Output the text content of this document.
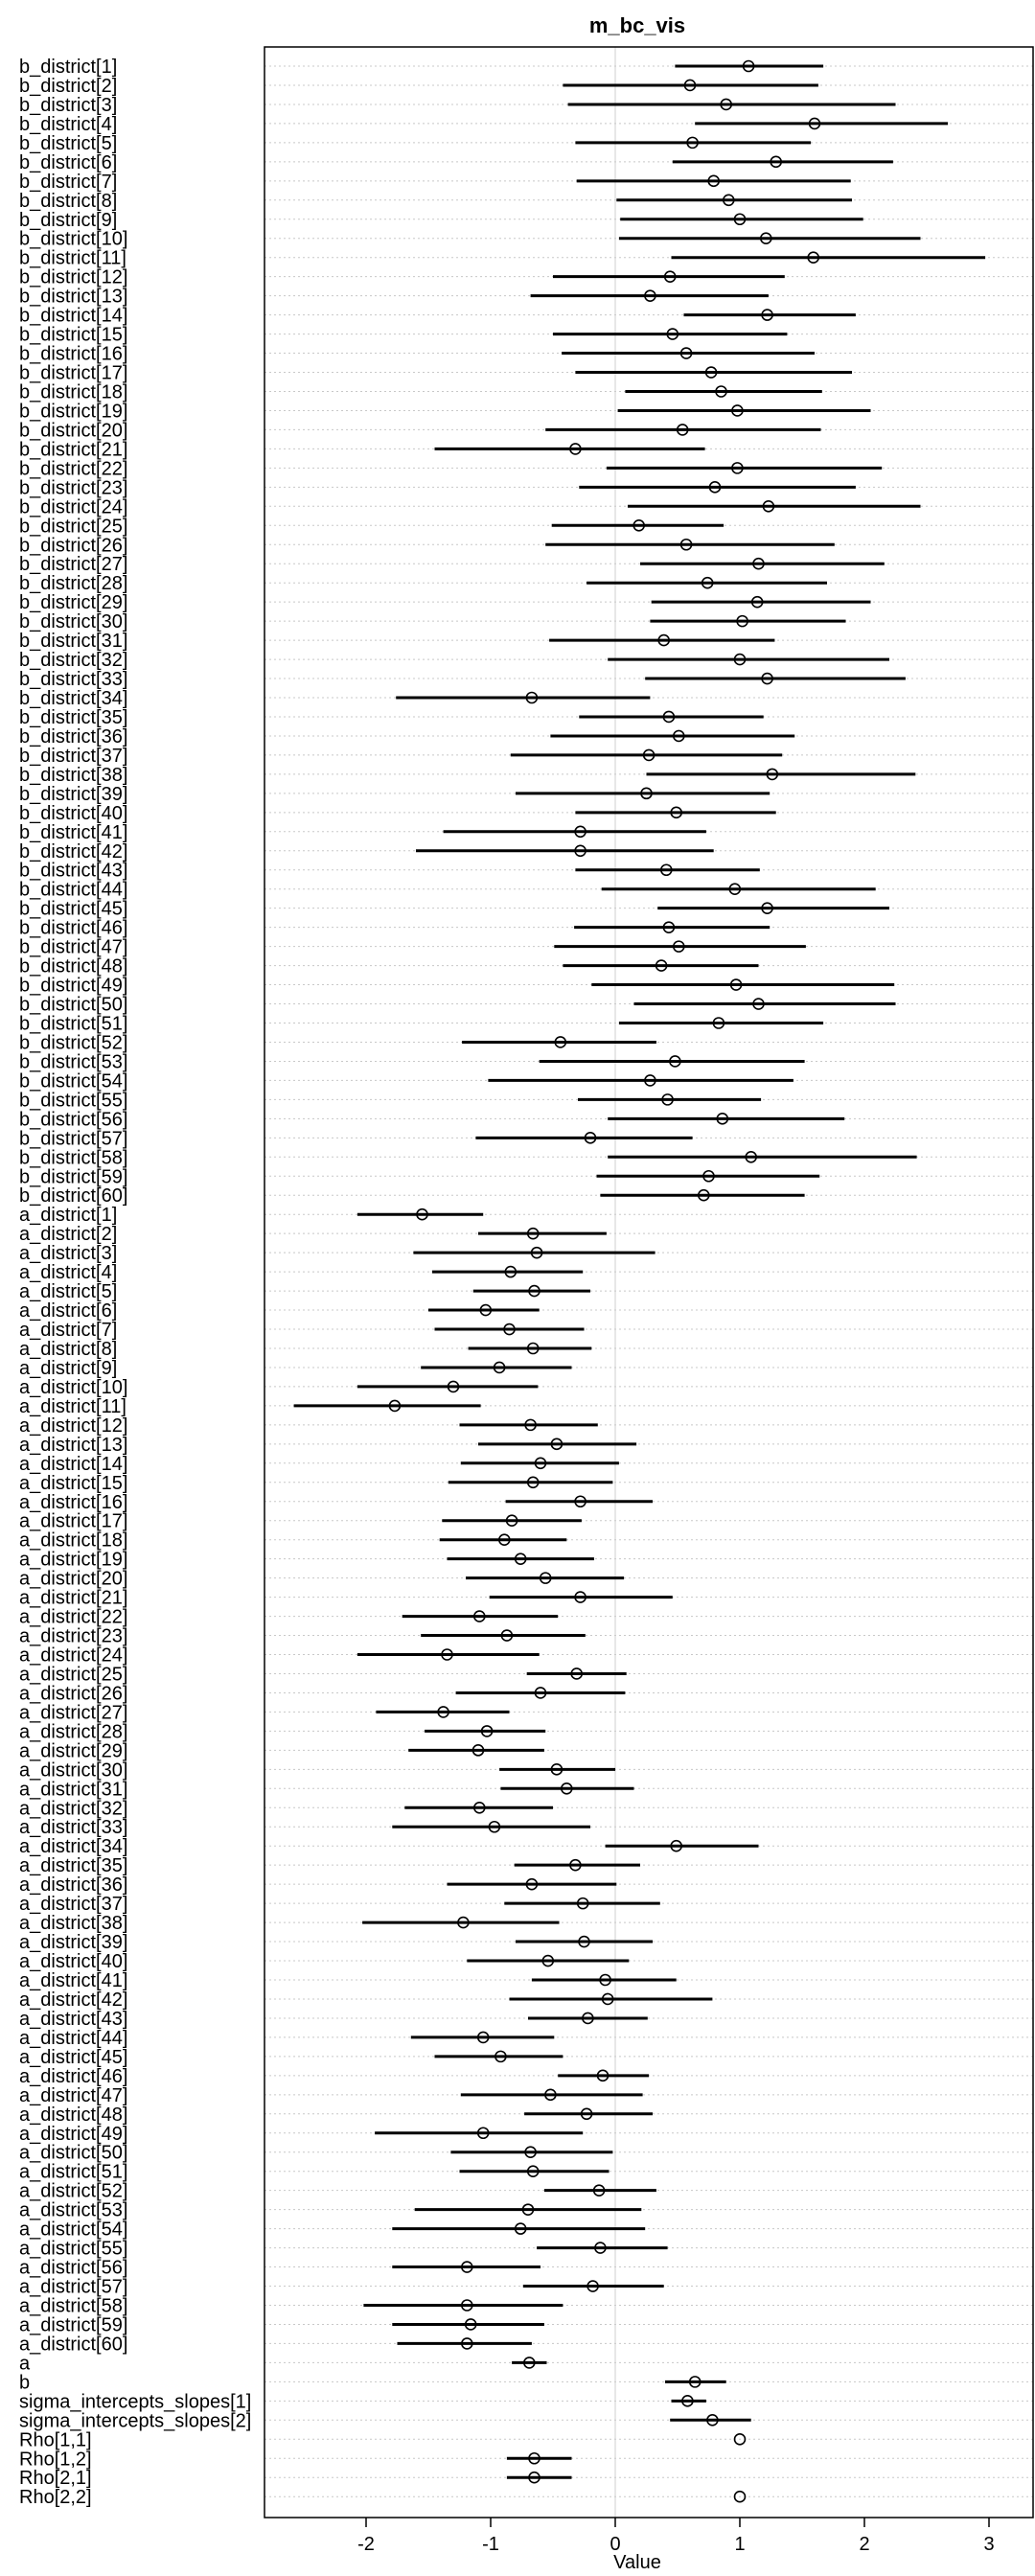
m_bc_vis
b_district[1]
b_district[2]
b_district[3]
b_district[4]
b_district[5]
b_district[6]
b_district[7]
b_district[8]
b_district[9]
b_district[10]
b_district[11]
b_district[12]
b_district[13]
b_district[14]
b_district[15]
b_district[16]
b_district[17]
b_district[18]
b_district[19]
b_district[20]
b_district[21]
b_district[22]
b_district[23]
b_district[24]
b_district[25]
b_district[26]
b_district[27]
b_district[28]
b_district[29]
b_district[30]
b_district[31]
b_district[32]
b_district[33]
b_district[34]
b_district[35]
b_district[36]
b_district[37]
b_district[38]
b_district[39]
b_district[40]
b_district[41]
b_district[42]
b_district[43]
b_district[44]
b_district[45]
b_district[46]
b_district[47]
b_district[48]
b_district[49]
b_district[50]
b_district[51]
b_district[52]
b_district[53]
b_district[54]
b_district[55]
b_district[56]
b_district[57]
b_district[58]
b_district[59]
b_district[60]
a_district[1]
a_district[2]
a_district[3]
a_district[4]
a_district[5]
a_district[6]
a_district[7]
a_district[8]
a_district[9]
a_district[10]
a_district[11]
a_district[12]
a_district[13]
a_district[14]
a_district[15]
a_district[16]
a_district[17]
a_district[18]
a_district[19]
a_district[20]
a_district[21]
a_district[22]
a_district[23]
a_district[24]
a_district[25]
a_district[26]
a_district[27]
a_district[28]
a_district[29]
a_district[30]
a_district[31]
a_district[32]
a_district[33]
a_district[34]
a_district[35]
a_district[36]
a_district[37]
a_district[38]
a_district[39]
a_district[40]
a_district[41]
a_district[42]
a_district[43]
a_district[44]
a_district[45]
a_district[46]
a_district[47]
a_district[48]
a_district[49]
a_district[50]
a_district[51]
a_district[52]
a_district[53]
a_district[54]
a_district[55]
a_district[56]
a_district[57]
a_district[58]
a_district[59]
a_district[60]
a
b
sigma_intercepts_slopes[1]
sigma_intercepts_slopes[2]
Rho[1,1]
Rho[1,2]
Rho[2,1]
Rho[2,2]
-2	-1	0	1	2	3
Value
